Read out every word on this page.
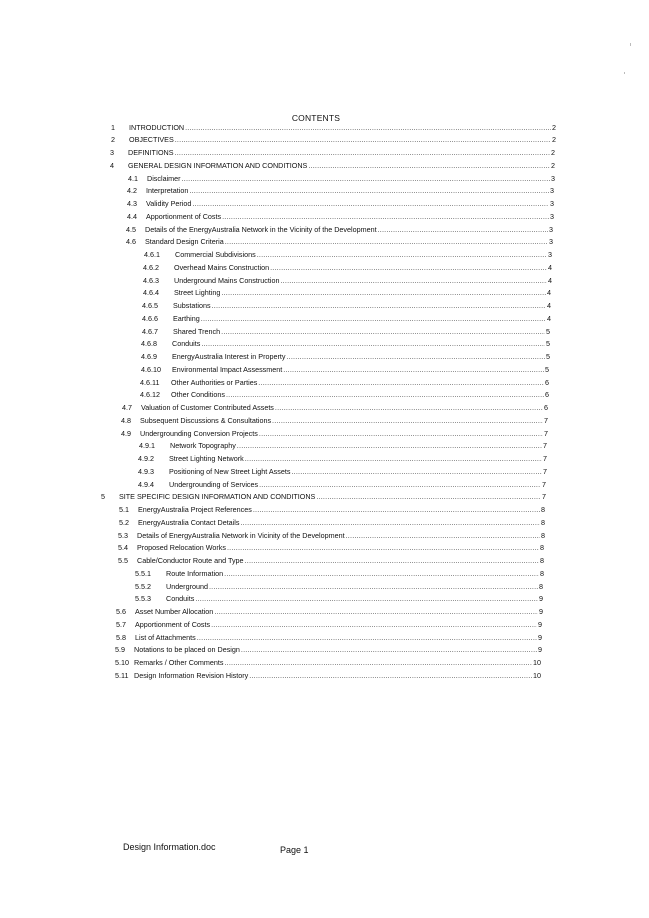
CONTENTS
1 INTRODUCTION .....	2
2 OBJECTIVES .....	2
3 DEFINITIONS .....	2
4 GENERAL DESIGN INFORMATION AND CONDITIONS .....	2
4.1 Disclaimer .....	3
4.2 Interpretation .....	3
4.3 Validity Period .....	3
4.4 Apportionment of Costs .....	3
4.5 Details of the EnergyAustralia Network in the Vicinity of the Development .....	3
4.6 Standard Design Criteria .....	3
4.6.1 Commercial Subdivisions .....	3
4.6.2 Overhead Mains Construction .....	4
4.6.3 Underground Mains Construction .....	4
4.6.4 Street Lighting .....	4
4.6.5 Substations .....	4
4.6.6 Earthing .....	4
4.6.7 Shared Trench .....	5
4.6.8 Conduits .....	5
4.6.9 EnergyAustralia Interest in Property .....	5
4.6.10 Environmental Impact Assessment .....	5
4.6.11 Other Authorities or Parties .....	6
4.6.12 Other Conditions .....	6
4.7 Valuation of Customer Contributed Assets .....	6
4.8 Subsequent Discussions & Consultations .....	7
4.9 Undergrounding Conversion Projects .....	7
4.9.1 Network Topography .....	7
4.9.2 Street Lighting Network .....	7
4.9.3 Positioning of New Street Light Assets .....	7
4.9.4 Undergrounding of Services .....	7
5 SITE SPECIFIC DESIGN INFORMATION AND CONDITIONS .....	7
5.1 EnergyAustralia Project References .....	8
5.2 EnergyAustralia Contact Details .....	8
5.3 Details of EnergyAustralia Network in Vicinity of the Development .....	8
5.4 Proposed Relocation Works .....	8
5.5 Cable/Conductor Route and Type .....	8
5.5.1 Route Information .....	8
5.5.2 Underground .....	8
5.5.3 Conduits .....	9
5.6 Asset Number Allocation .....	9
5.7 Apportionment of Costs .....	9
5.8 List of Attachments .....	9
5.9 Notations to be placed on Design .....	9
5.10 Remarks / Other Comments .....	10
5.11 Design Information Revision History .....	10
Design Information.doc	Page 1
